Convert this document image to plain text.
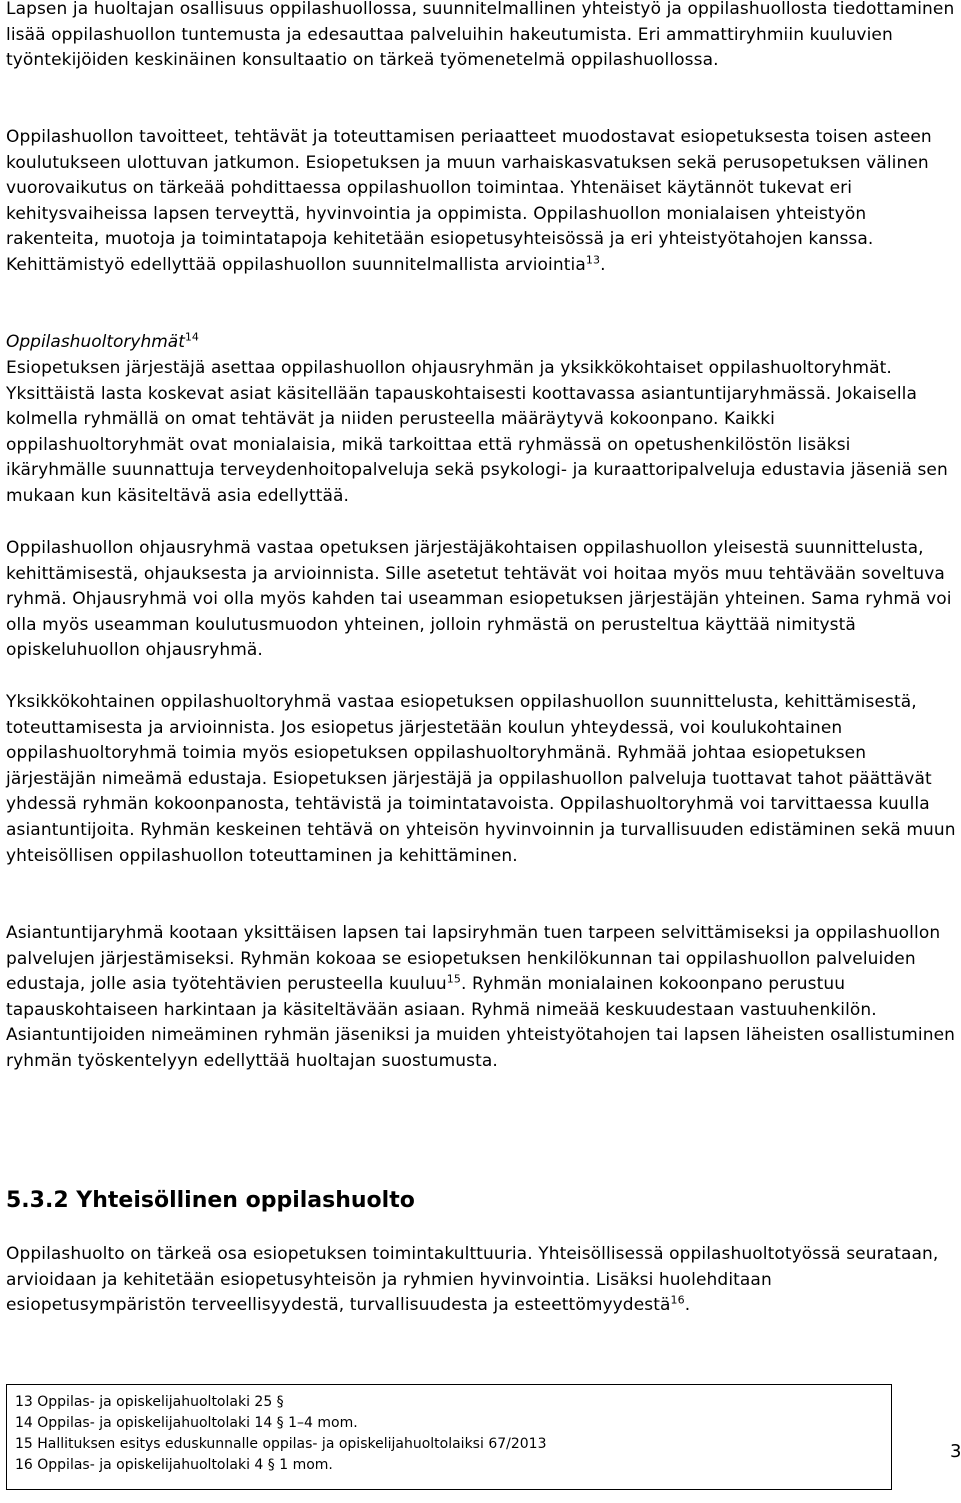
Lapsen ja huoltajan osallisuus oppilashuollossa, suunnitelmallinen yhteistyö ja oppilashuollosta tiedottaminen lisää oppilashuollon tuntemusta ja edesauttaa palveluihin hakeutumista. Eri ammattiryhmiin kuuluvien työntekijöiden keskinäinen konsultaatio on tärkeä työmenetelmä oppilashuollossa.

Oppilashuollon tavoitteet, tehtävät ja toteuttamisen periaatteet muodostavat esiopetuksesta toisen asteen koulutukseen ulottuvan jatkumon. Esiopetuksen ja muun varhaiskasvatuksen sekä perusopetuksen välinen vuorovaikutus on tärkeää pohdittaessa oppilashuollon toimintaa. Yhtenäiset käytännöt tukevat eri kehitysvaiheissa lapsen terveyttä, hyvinvointia ja oppimista. Oppilashuollon monialaisen yhteistyön rakenteita, muotoja ja toimintatapoja kehitetään esiopetusyhteisössä ja eri yhteistyötahojen kanssa. Kehittämistyö edellyttää oppilashuollon suunnitelmallista arviointia$^{13}$.

Oppilashuoltoryhmät$^{14}$

Esiopetuksen järjestäjä asettaa oppilashuollon ohjausryhmän ja yksikkökohtaiset oppilashuoltoryhmät. Yksittäistä lasta koskevat asiat käsitellään tapauskohtaisesti koottavassa asiantuntijaryhmässä. Jokaisella kolmella ryhmällä on omat tehtävät ja niiden perusteella määräytyvä kokoonpano. Kaikki oppilashuoltoryhmät ovat monialaisia, mikä tarkoittaa että ryhmässä on opetushenkilöstön lisäksi ikäryhmälle suunnattuja terveydenhoitopalveluja sekä psykologi- ja kuraattoripalveluja edustavia jäseniä sen mukaan kun käsiteltävä asia edellyttää.

Oppilashuollon ohjausryhmä vastaa opetuksen järjestäjäkohtaisen oppilashuollon yleisestä suunnittelusta, kehittämisestä, ohjauksesta ja arvioinnista. Sille asetetut tehtävät voi hoitaa myös muu tehtävään soveltuva ryhmä. Ohjausryhmä voi olla myös kahden tai useamman esiopetuksen järjestäjän yhteinen. Sama ryhmä voi olla myös useamman koulutusmuodon yhteinen, jolloin ryhmästä on perusteltua käyttää nimitystä opiskeluhuollon ohjausryhmä.

Yksikkökohtainen oppilashuoltoryhmä vastaa esiopetuksen oppilashuollon suunnittelusta, kehittämisestä, toteuttamisesta ja arvioinnista. Jos esiopetus järjestetään koulun yhteydessä, voi koulukohtainen oppilashuoltoryhmä toimia myös esiopetuksen oppilashuoltoryhmänä. Ryhmää johtaa esiopetuksen järjestäjän nimeämä edustaja. Esiopetuksen järjestäjä ja oppilashuollon palveluja tuottavat tahot päättävät yhdessä ryhmän kokoonpanosta, tehtävistä ja toimintatavoista. Oppilashuoltoryhmä voi tarvittaessa kuulla asiantuntijoita. Ryhmän keskeinen tehtävä on yhteisön hyvinvoinnin ja turvallisuuden edistäminen sekä muun yhteisöllisen oppilashuollon toteuttaminen ja kehittäminen.

Asiantuntijaryhmä kootaan yksittäisen lapsen tai lapsiryhmän tuen tarpeen selvittämiseksi ja oppilashuollon palvelujen järjestämiseksi. Ryhmän kokoaa se esiopetuksen henkilökunnan tai oppilashuollon palveluiden edustaja, jolle asia työtehtävien perusteella kuuluu$^{15}$. Ryhmän monialainen kokoonpano perustuu tapauskohtaiseen harkintaan ja käsiteltävään asiaan. Ryhmä nimeää keskuudestaan vastuuhenkilön. Asiantuntijoiden nimeäminen ryhmän jäseniksi ja muiden yhteistyötahojen tai lapsen läheisten osallistuminen ryhmän työskentelyyn edellyttää huoltajan suostumusta.

5.3.2 Yhteisöllinen oppilashuolto

Oppilashuolto on tärkeä osa esiopetuksen toimintakulttuuria. Yhteisöllisessä oppilashuoltotyössä seurataan, arvioidaan ja kehitetään esiopetusyhteisön ja ryhmien hyvinvointia. Lisäksi huolehditaan esiopetusympäristön terveellisyydestä, turvallisuudesta ja esteettömyydestä$^{16}$.

13 Oppilas- ja opiskelijahuoltolaki 25 §
14 Oppilas- ja opiskelijahuoltolaki 14 § 1–4 mom.
15 Hallituksen esitys eduskunnalle oppilas- ja opiskelijahuoltolaiksi 67/2013
16 Oppilas- ja opiskelijahuoltolaki 4 § 1 mom.
3
